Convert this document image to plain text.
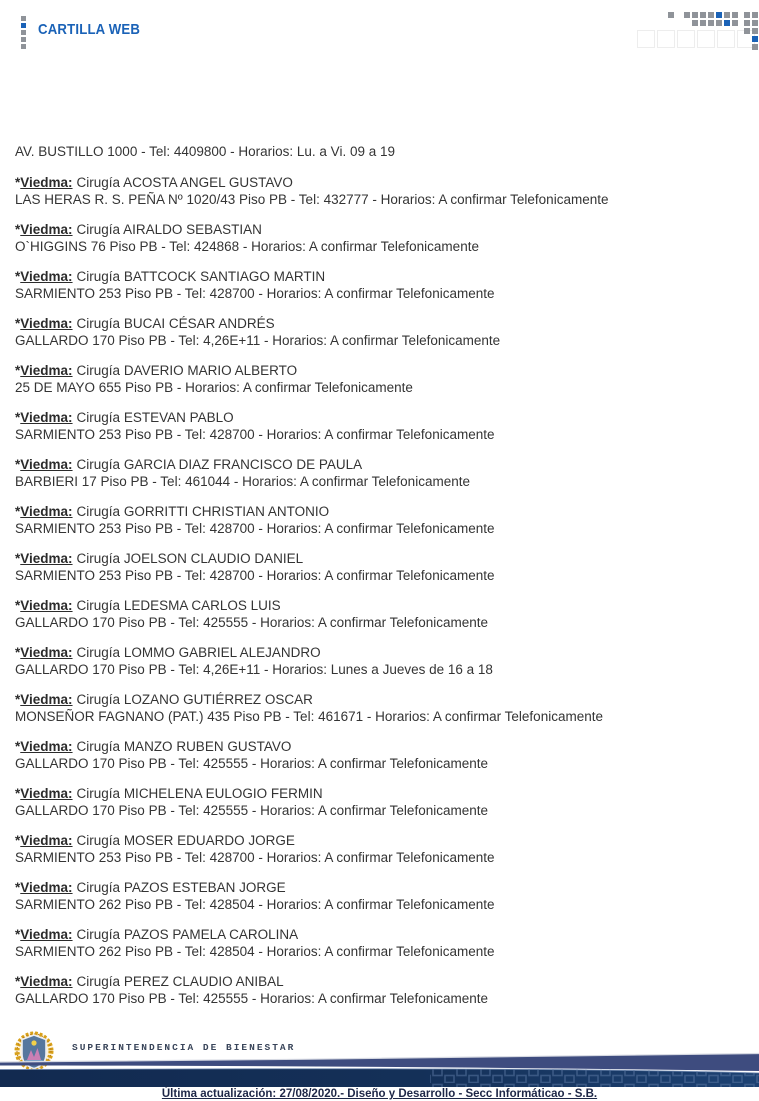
CARTILLA WEB
AV. BUSTILLO 1000 - Tel: 4409800 - Horarios: Lu. a Vi. 09 a 19
*Viedma: Cirugía ACOSTA ANGEL GUSTAVO
LAS HERAS R. S. PEÑA Nº 1020/43 Piso PB - Tel: 432777 - Horarios: A confirmar Telefonicamente
*Viedma: Cirugía AIRALDO SEBASTIAN
O`HIGGINS 76 Piso PB - Tel: 424868 - Horarios: A confirmar Telefonicamente
*Viedma: Cirugía BATTCOCK SANTIAGO MARTIN
SARMIENTO 253 Piso PB - Tel: 428700 - Horarios: A confirmar Telefonicamente
*Viedma: Cirugía BUCAI CÉSAR ANDRÉS
GALLARDO 170 Piso PB - Tel: 4,26E+11 - Horarios: A confirmar Telefonicamente
*Viedma: Cirugía DAVERIO MARIO ALBERTO
25 DE MAYO 655 Piso PB - Horarios: A confirmar Telefonicamente
*Viedma: Cirugía ESTEVAN PABLO
SARMIENTO 253 Piso PB - Tel: 428700 - Horarios: A confirmar Telefonicamente
*Viedma: Cirugía GARCIA DIAZ FRANCISCO DE PAULA
BARBIERI 17 Piso PB - Tel: 461044 - Horarios: A confirmar Telefonicamente
*Viedma: Cirugía GORRITTI CHRISTIAN ANTONIO
SARMIENTO 253 Piso PB - Tel: 428700 - Horarios: A confirmar Telefonicamente
*Viedma: Cirugía JOELSON CLAUDIO DANIEL
SARMIENTO 253 Piso PB - Tel: 428700 - Horarios: A confirmar Telefonicamente
*Viedma: Cirugía LEDESMA CARLOS LUIS
GALLARDO 170 Piso PB - Tel: 425555 - Horarios: A confirmar Telefonicamente
*Viedma: Cirugía LOMMO GABRIEL ALEJANDRO
GALLARDO 170 Piso PB - Tel: 4,26E+11 - Horarios: Lunes a Jueves de 16 a 18
*Viedma: Cirugía LOZANO GUTIÉRREZ OSCAR
MONSEÑOR FAGNANO (PAT.) 435 Piso PB - Tel: 461671 - Horarios: A confirmar Telefonicamente
*Viedma: Cirugía MANZO RUBEN GUSTAVO
GALLARDO 170 Piso PB - Tel: 425555 - Horarios: A confirmar Telefonicamente
*Viedma: Cirugía MICHELENA EULOGIO FERMIN
GALLARDO 170 Piso PB - Tel: 425555 - Horarios: A confirmar Telefonicamente
*Viedma: Cirugía MOSER EDUARDO JORGE
SARMIENTO 253 Piso PB - Tel: 428700 - Horarios: A confirmar Telefonicamente
*Viedma: Cirugía PAZOS ESTEBAN JORGE
SARMIENTO 262 Piso PB - Tel: 428504 - Horarios: A confirmar Telefonicamente
*Viedma: Cirugía PAZOS PAMELA CAROLINA
SARMIENTO 262 Piso PB - Tel: 428504 - Horarios: A confirmar Telefonicamente
*Viedma: Cirugía PEREZ CLAUDIO ANIBAL
GALLARDO 170 Piso PB - Tel: 425555 - Horarios: A confirmar Telefonicamente
SUPERINTENDENCIA DE BIENESTAR
Última actualización: 27/08/2020.- Diseño y Desarrollo - Secc Informáticao - S.B.
